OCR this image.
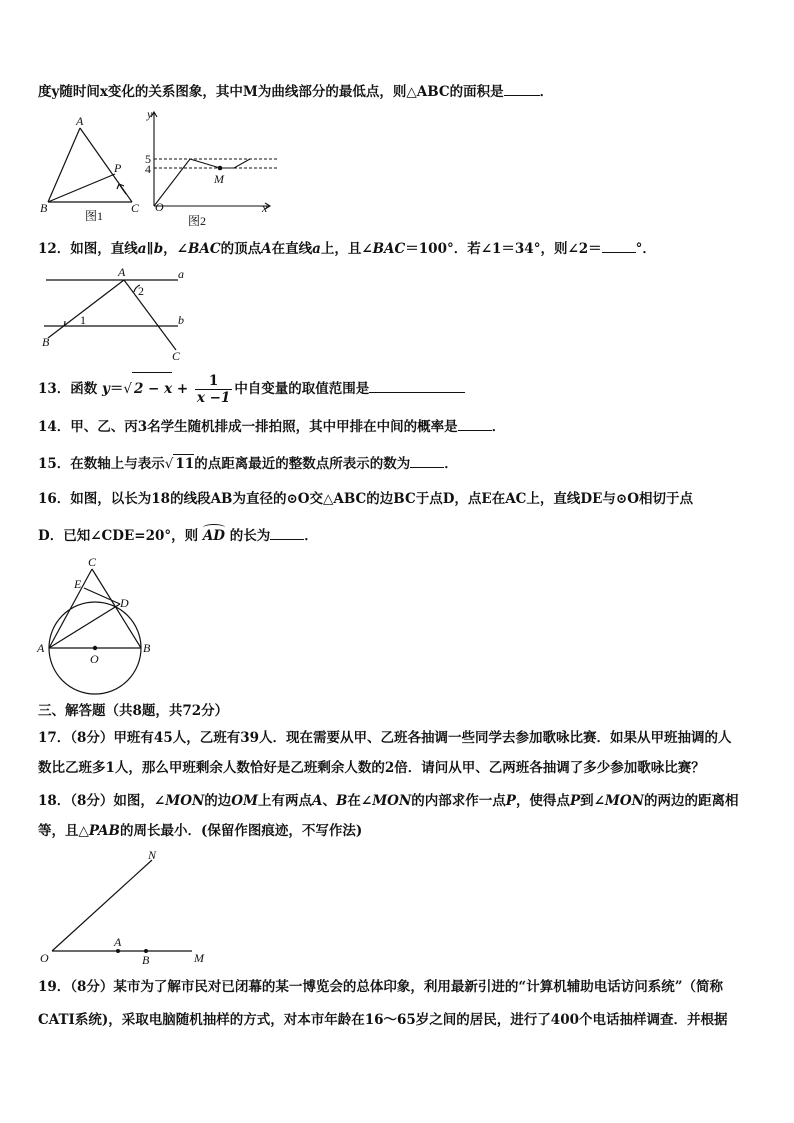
度y随时间x变化的关系图象，其中M为曲线部分的最低点，则△ABC的面积是	．
A
B	C
P
图1
y
5
4
O
M
x
图2
12．如图，直线a∥b，∠BAC的顶点A在直线a上，且∠BAC＝100°．若∠1＝34°，则∠2＝	°．
A	a
b
B
C
1
2
13．函数 y＝√ $2 - x + \frac{1}{x -1}$ 中自变量的取值范围是
14．甲、乙、丙3名学生随机排成一排拍照，其中甲排在中间的概率是	．
15．在数轴上与表示√ 11的点距离最近的整数点所表示的数为	．
16．如图，以长为18的线段AB为直径的⊙O交△ABC的边BC于点D，点E在AC上，直线DE与⊙O相切于点
D．已知∠CDE=20°，则 AD 的长为	．
C
E
D
A	B
O
三、解答题（共8题，共72分）
17．（8分）甲班有45人，乙班有39人．现在需要从甲、乙班各抽调一些同学去参加歌咏比赛．如果从甲班抽调的人
数比乙班多1人，那么甲班剩余人数恰好是乙班剩余人数的2倍．请问从甲、乙两班各抽调了多少参加歌咏比赛？
18．（8分）如图，∠MON的边OM上有两点A、B在∠MON的内部求作一点P，使得点P到∠MON的两边的距离相
等，且△PAB的周长最小．(保留作图痕迹，不写作法)
N
O
A
B	M
19．（8分）某市为了解市民对已闭幕的某一博览会的总体印象，利用最新引进的“计算机辅助电话访问系统”（简称
CATI系统)，采取电脑随机抽样的方式，对本市年龄在16～65岁之间的居民，进行了400个电话抽样调查．并根据
